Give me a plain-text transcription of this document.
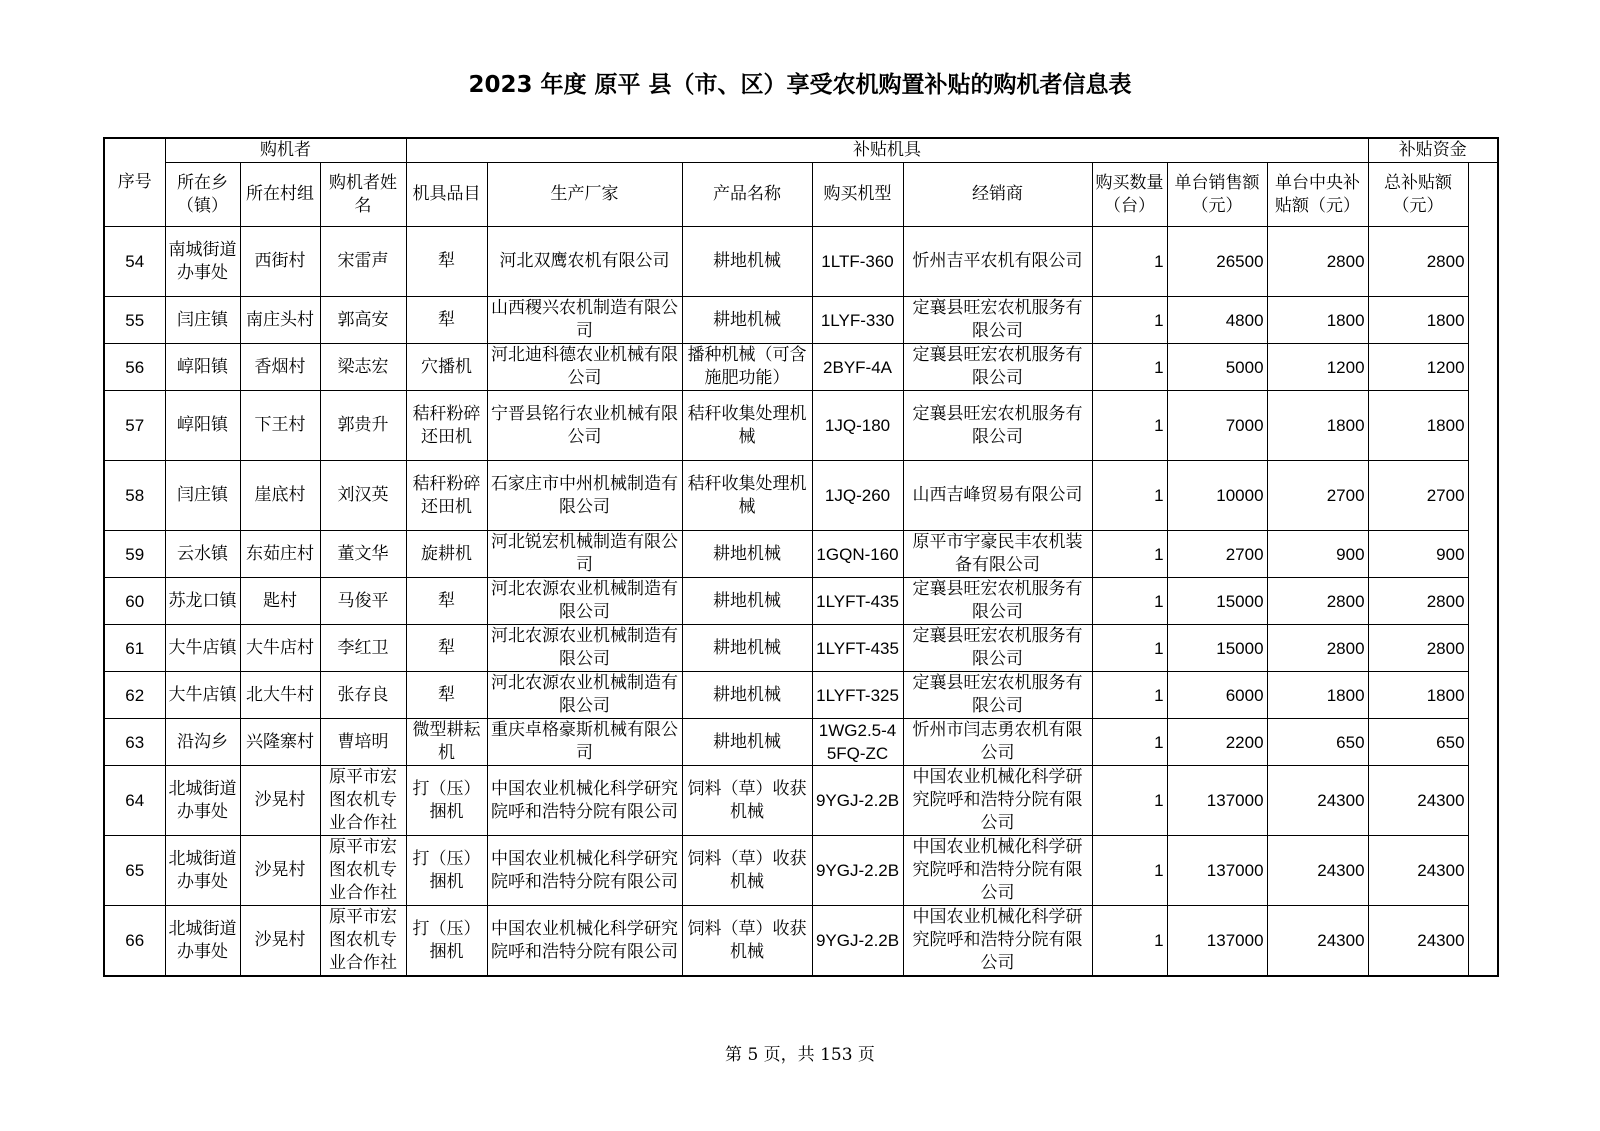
2023 年度 原平 县（市、区）享受农机购置补贴的购机者信息表
序号	购机者			补贴机具								补贴资金
	所在乡（镇）	所在村组	购机者姓名	机具品目	生产厂家	产品名称	购买机型	经销商	购买数量（台）	单台销售额（元）	单台中央补贴额（元）	总补贴额（元）
54	南城街道办事处	西街村	宋雷声	犁	河北双鹰农机有限公司	耕地机械	1LTF-360	忻州吉平农机有限公司	1	26500	2800	2800
55	闫庄镇	南庄头村	郭高安	犁	山西稷兴农机制造有限公司	耕地机械	1LYF-330	定襄县旺宏农机服务有限公司	1	4800	1800	1800
56	崞阳镇	香烟村	梁志宏	穴播机	河北迪科德农业机械有限公司	播种机械（可含施肥功能）	2BYF-4A	定襄县旺宏农机服务有限公司	1	5000	1200	1200
57	崞阳镇	下王村	郭贵升	秸秆粉碎还田机	宁晋县铭行农业机械有限公司	秸秆收集处理机械	1JQ-180	定襄县旺宏农机服务有限公司	1	7000	1800	1800
58	闫庄镇	崖底村	刘汉英	秸秆粉碎还田机	石家庄市中州机械制造有限公司	秸秆收集处理机械	1JQ-260	山西吉峰贸易有限公司	1	10000	2700	2700
59	云水镇	东茹庄村	董文华	旋耕机	河北锐宏机械制造有限公司	耕地机械	1GQN-160	原平市宇豪民丰农机装备有限公司	1	2700	900	900
60	苏龙口镇	匙村	马俊平	犁	河北农源农业机械制造有限公司	耕地机械	1LYFT-435	定襄县旺宏农机服务有限公司	1	15000	2800	2800
61	大牛店镇	大牛店村	李红卫	犁	河北农源农业机械制造有限公司	耕地机械	1LYFT-435	定襄县旺宏农机服务有限公司	1	15000	2800	2800
62	大牛店镇	北大牛村	张存良	犁	河北农源农业机械制造有限公司	耕地机械	1LYFT-325	定襄县旺宏农机服务有限公司	1	6000	1800	1800
63	沿沟乡	兴隆寨村	曹培明	微型耕耘机	重庆卓格豪斯机械有限公司	耕地机械	1WG2.5-45FQ-ZC	忻州市闫志勇农机有限公司	1	2200	650	650
64	北城街道办事处	沙晃村	原平市宏图农机专业合作社	打（压）捆机	中国农业机械化科学研究院呼和浩特分院有限公司	饲料（草）收获机械	9YGJ-2.2B	中国农业机械化科学研究院呼和浩特分院有限公司	1	137000	24300	24300
65	北城街道办事处	沙晃村	原平市宏图农机专业合作社	打（压）捆机	中国农业机械化科学研究院呼和浩特分院有限公司	饲料（草）收获机械	9YGJ-2.2B	中国农业机械化科学研究院呼和浩特分院有限公司	1	137000	24300	24300
66	北城街道办事处	沙晃村	原平市宏图农机专业合作社	打（压）捆机	中国农业机械化科学研究院呼和浩特分院有限公司	饲料（草）收获机械	9YGJ-2.2B	中国农业机械化科学研究院呼和浩特分院有限公司	1	137000	24300	24300
第 5 页，共 153 页
